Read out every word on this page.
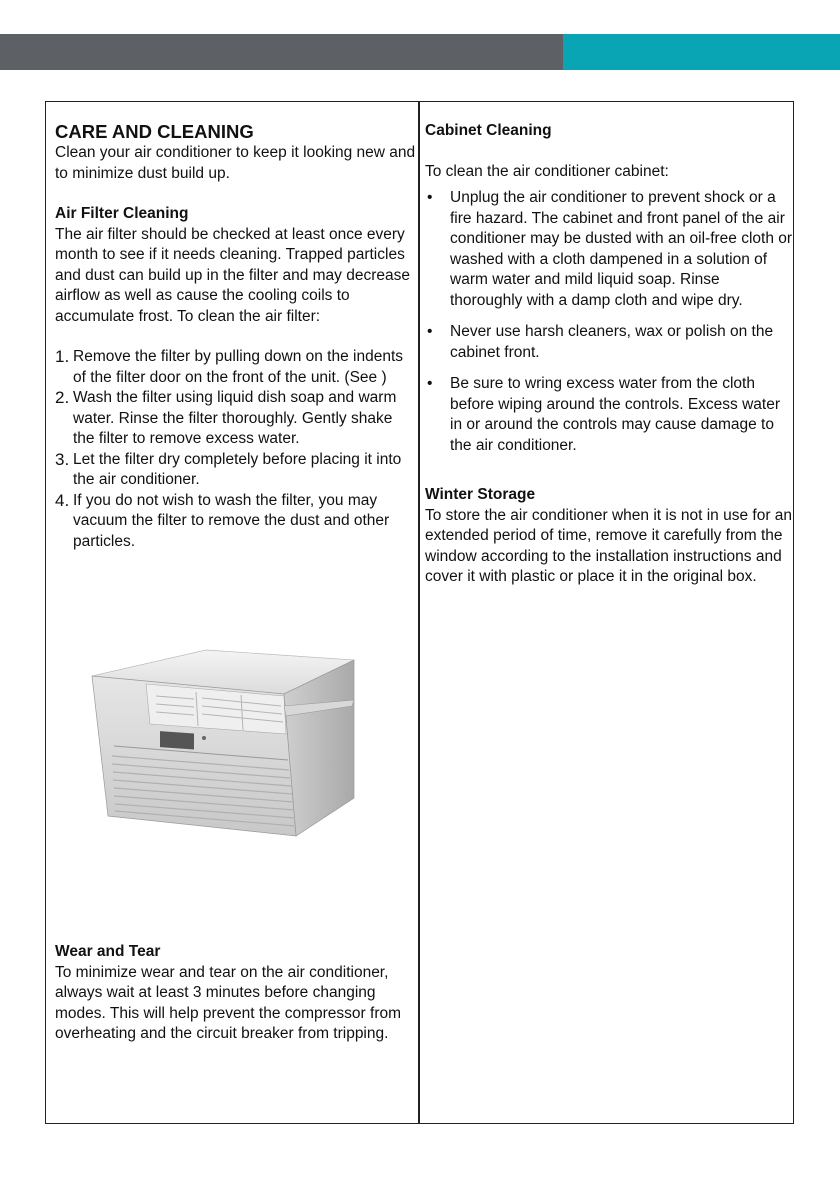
CARE AND CLEANING

Clean your air conditioner to keep it looking new and to minimize dust build up.

Air Filter Cleaning

The air filter should be checked at least once every month to see if it needs cleaning. Trapped particles and dust can build up in the filter and may decrease airflow as well as cause the cooling coils to accumulate frost. To clean the air filter:

1. Remove the filter by pulling down on the indents of the filter door on the front of the unit. (See )
2. Wash the filter using liquid dish soap and warm water. Rinse the filter thoroughly. Gently shake the filter to remove excess water.
3. Let the filter dry completely before placing it into the air conditioner.
4. If you do not wish to wash the filter, you may vacuum the filter to remove the dust and other particles.
Wear and Tear

To minimize wear and tear on the air conditioner, always wait at least 3 minutes before changing modes. This will help prevent the compressor from overheating and the circuit breaker from tripping.

Cabinet Cleaning

To clean the air conditioner cabinet:

• Unplug the air conditioner to prevent shock or a fire hazard. The cabinet and front panel of the air conditioner may be dusted with an oil-free cloth or washed with a cloth dampened in a solution of warm water and mild liquid soap. Rinse thoroughly with a damp cloth and wipe dry.
• Never use harsh cleaners, wax or polish on the cabinet front.
• Be sure to wring excess water from the cloth before wiping around the controls. Excess water in or around the controls may cause damage to the air conditioner.
Winter Storage

To store the air conditioner when it is not in use for an extended period of time, remove it carefully from the window according to the installation instructions and cover it with plastic or place it in the original box.
